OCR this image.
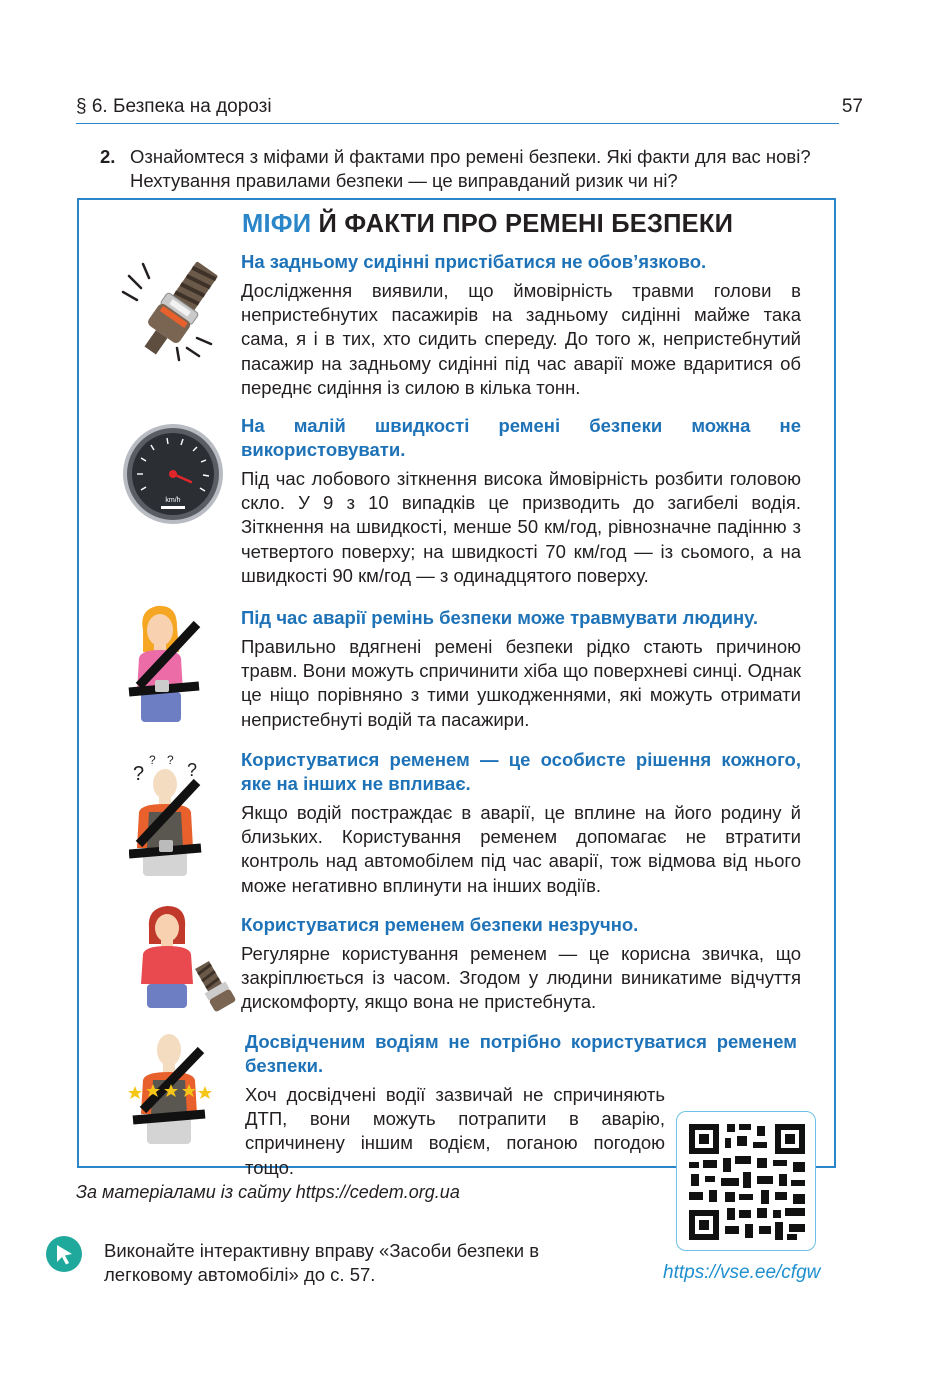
§ 6. Безпека на дорозі	57
2. Ознайомтеся з міфами й фактами про ремені безпеки. Які факти для вас нові? Нехтування правилами безпеки — це виправданий ризик чи ні?
МІФИ Й ФАКТИ ПРО РЕМЕНІ БЕЗПЕКИ
На задньому сидінні пристібатися не обов’язково.
Дослідження виявили, що ймовірність травми голови в непристебнутих пасажирів на задньому сидінні майже така сама, я і в тих, хто сидить спереду. До того ж, непристебнутий пасажир на задньому сидінні під час аварії може вдаритися об переднє сидіння із силою в кілька тонн.
На малій швидкості ремені безпеки можна не використовувати.
Під час лобового зіткнення висока ймовірність розбити головою скло. У 9 з 10 випадків це призводить до загибелі водія. Зіткнення на швидкості, менше 50 км/год, рівнозначне падінню з четвертого поверху; на швидкості 70 км/год — із сьомого, а на швидкості 90 км/год — з одинадцятого поверху.
Під час аварії ремінь безпеки може травмувати людину.
Правильно вдягнені ремені безпеки рідко стають причиною травм. Вони можуть спричинити хіба що поверхневі синці. Однак це ніщо порівняно з тими ушкодженнями, які можуть отримати непристебнуті водій та пасажири.
Користуватися ременем — це особисте рішення кожного, яке на інших не впливає.
Якщо водій постраждає в аварії, це вплине на його родину й близьких. Користування ременем допомагає не втратити контроль над автомобілем під час аварії, тож відмова від нього може негативно вплинути на інших водіїв.
Користуватися ременем безпеки незручно.
Регулярне користування ременем — це корисна звичка, що закріплюється із часом. Згодом у людини виникатиме відчуття дискомфорту, якщо вона не пристебнута.
Досвідченим водіям не потрібно користуватися ременем безпеки.
Хоч досвідчені водії зазвичай не спричиняють ДТП, вони можуть потрапити в аварію, спричинену іншим водієм, поганою погодою тощо.
km/h
?
? ? ?
https://vse.ee/cfgw
За матеріалами із сайту https://cedem.org.ua
Виконайте інтерактивну вправу «Засоби безпеки в легковому автомобілі» до с. 57.
